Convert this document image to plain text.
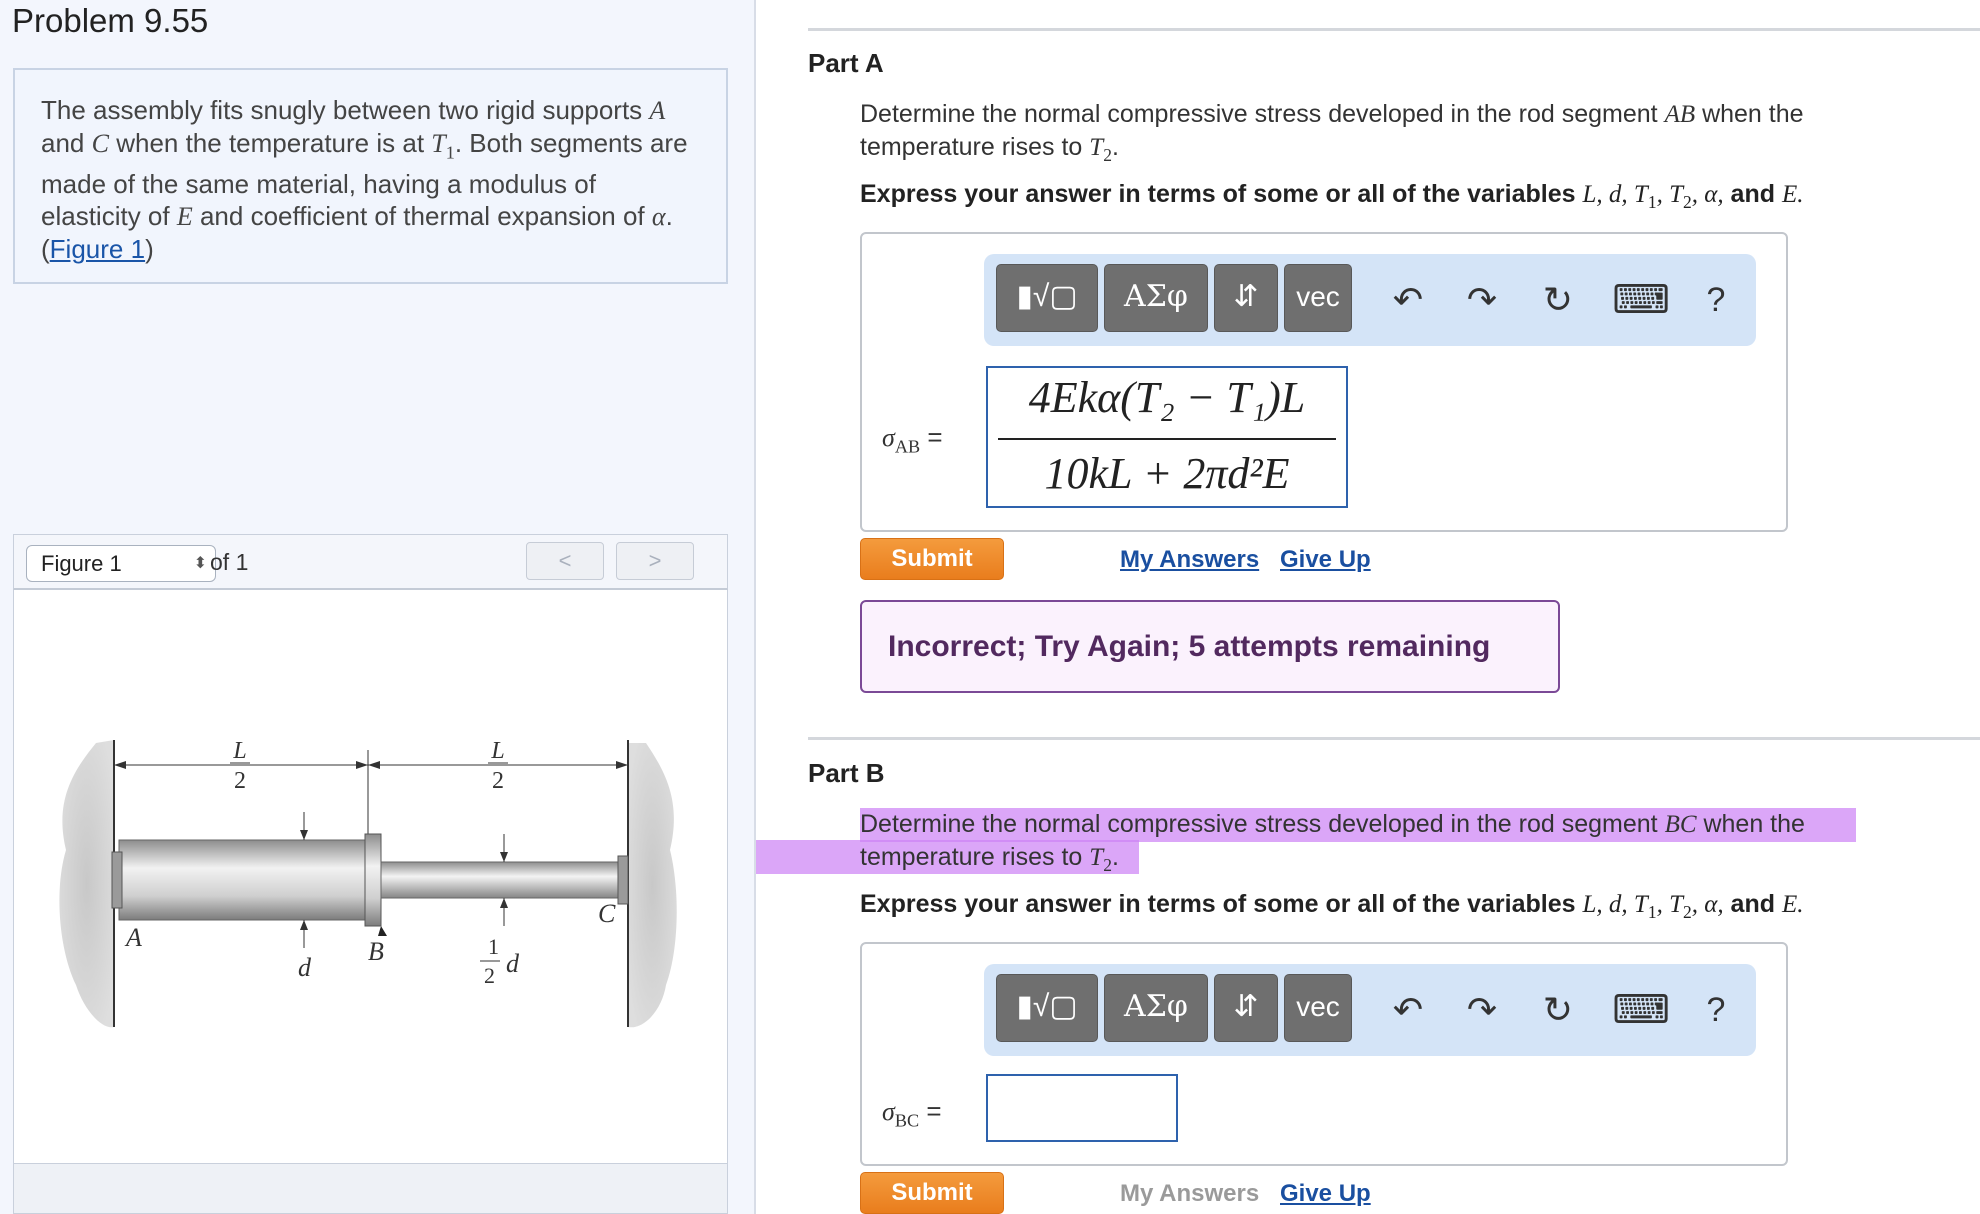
Problem 9.55
The assembly fits snugly between two rigid supports A and C when the temperature is at $T_1$. Both segments are made of the same material, having a modulus of elasticity of E and coefficient of thermal expansion of α.
(Figure 1)
Figure 1	⬍ of 1	<	>
L
2
L
2
A	B
C
d
1
2 d
Part A
Determine the normal compressive stress developed in the rod segment AB when the temperature rises to $T_2$.
Express your answer in terms of some or all of the variables L, d, $T_1$, $T_2$, α, and E.
▮√▢	ΑΣφ	⇵	vec	↶	↷	↻ ⌨	?
$\sigma_{AB}$ =
4Ekα(T₂ − T₁)L
10kL + 2πd²E
Submit	My Answers Give Up
Incorrect; Try Again; 5 attempts remaining
Part B
Determine the normal compressive stress developed in the rod segment BC when the
temperature rises to $T_2$.
Express your answer in terms of some or all of the variables L, d, $T_1$, $T_2$, α, and E.
▮√▢	ΑΣφ	⇵	vec	↶	↷	↻ ⌨	?
$\sigma_{BC}$ =
Submit	My Answers Give Up
